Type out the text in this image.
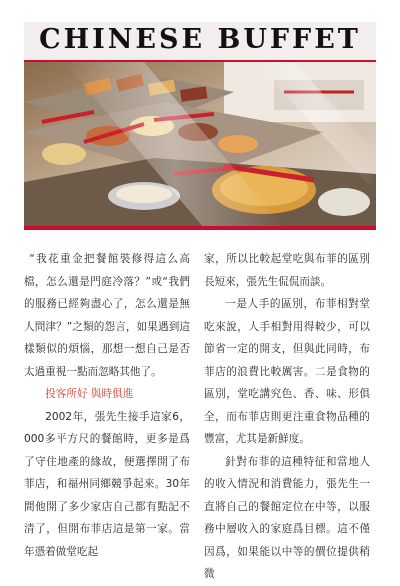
CHINESE BUFFET

“我花重金把餐館裝修得這么高檔，怎么還是門庭冷落？”或“我們的服務已經夠盡心了，怎么還是無人問津？”之類的怨言，如果遇到這樣類似的煩惱，那想一想自己是否太過重視一點而忽略其他了。

投客所好 與時俱進

2002年，張先生接手這家6，000多平方尺的餐館時，更多是爲了守住地產的緣故，便選擇開了布菲店，和福州同鄉競爭起來。30年間他開了多少家店自己都有點記不清了，但開布菲店這是第一家。當年憑着做堂吃起

家，所以比較起堂吃與布菲的區別長短來，張先生侃侃而談。

一是人手的區別，布菲相對堂吃來說，人手相對用得較少，可以節省一定的開支，但與此同時，布菲店的浪費比較厲害。二是食物的區別，堂吃講究色、香、味、形俱全，而布菲店則更注重食物品種的豐富，尤其是新鮮度。

針對布菲的這種特征和當地人的收入情況和消費能力，張先生一直將自己的餐館定位在中等，以服務中層收入的家庭爲目標。這不僅因爲，如果能以中等的價位提供稍微
